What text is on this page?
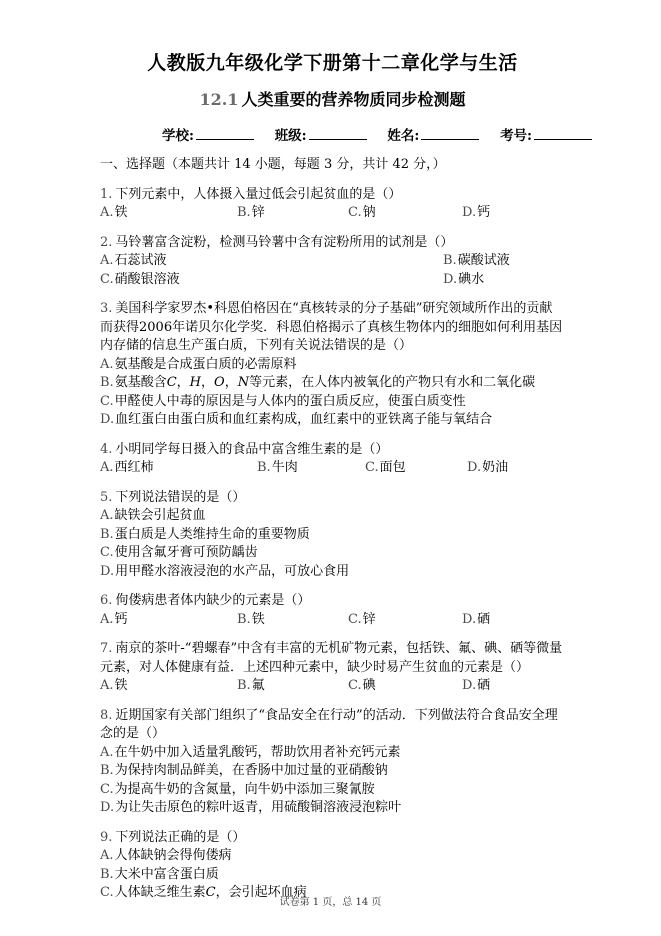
人教版九年级化学下册第十二章化学与生活
12.1 人类重要的营养物质同步检测题
学校:	班级:	姓名:	考号:
一、选择题（本题共计 14 小题，每题 3 分，共计 42 分，）
1. 下列元素中，人体摄入量过低会引起贫血的是（）
A.铁	B.锌	C.钠	D.钙
2. 马铃薯富含淀粉，检测马铃薯中含有淀粉所用的试剂是（）
A.石蕊试液	B.碳酸试液
C.硝酸银溶液	D.碘水
3. 美国科学家罗杰•科恩伯格因在“真核转录的分子基础”研究领域所作出的贡献而获得2006年诺贝尔化学奖．科恩伯格揭示了真核生物体内的细胞如何利用基因内存储的信息生产蛋白质，下列有关说法错误的是（）
A.氨基酸是合成蛋白质的必需原料
B.氨基酸含C，H，O，N等元素，在人体内被氧化的产物只有水和二氧化碳
C.甲醛使人中毒的原因是与人体内的蛋白质反应，使蛋白质变性
D.血红蛋白由蛋白质和血红素构成，血红素中的亚铁离子能与氧结合
4. 小明同学每日摄入的食品中富含维生素的是（）
A.西红柿	B.牛肉	C.面包	D.奶油
5. 下列说法错误的是（）
A.缺铁会引起贫血
B.蛋白质是人类维持生命的重要物质
C.使用含氟牙膏可预防龋齿
D.用甲醛水溶液浸泡的水产品，可放心食用
6. 佝偻病患者体内缺少的元素是（）
A.钙	B.铁	C.锌	D.硒
7. 南京的茶叶-“碧螺春”中含有丰富的无机矿物元素，包括铁、氟、碘、硒等微量元素，对人体健康有益．上述四种元素中，缺少时易产生贫血的元素是（）
A.铁	B.氟	C.碘	D.硒
8. 近期国家有关部门组织了“食品安全在行动”的活动．下列做法符合食品安全理念的是（）
A.在牛奶中加入适量乳酸钙，帮助饮用者补充钙元素
B.为保持肉制品鲜美，在香肠中加过量的亚硝酸钠
C.为提高牛奶的含氮量，向牛奶中添加三聚氰胺
D.为让失击原色的粽叶返青，用硫酸铜溶液浸泡粽叶
9. 下列说法正确的是（）
A.人体缺钠会得佝偻病
B.大米中富含蛋白质
C.人体缺乏维生素C，会引起坏血病
试卷第 1 页，总 14 页
